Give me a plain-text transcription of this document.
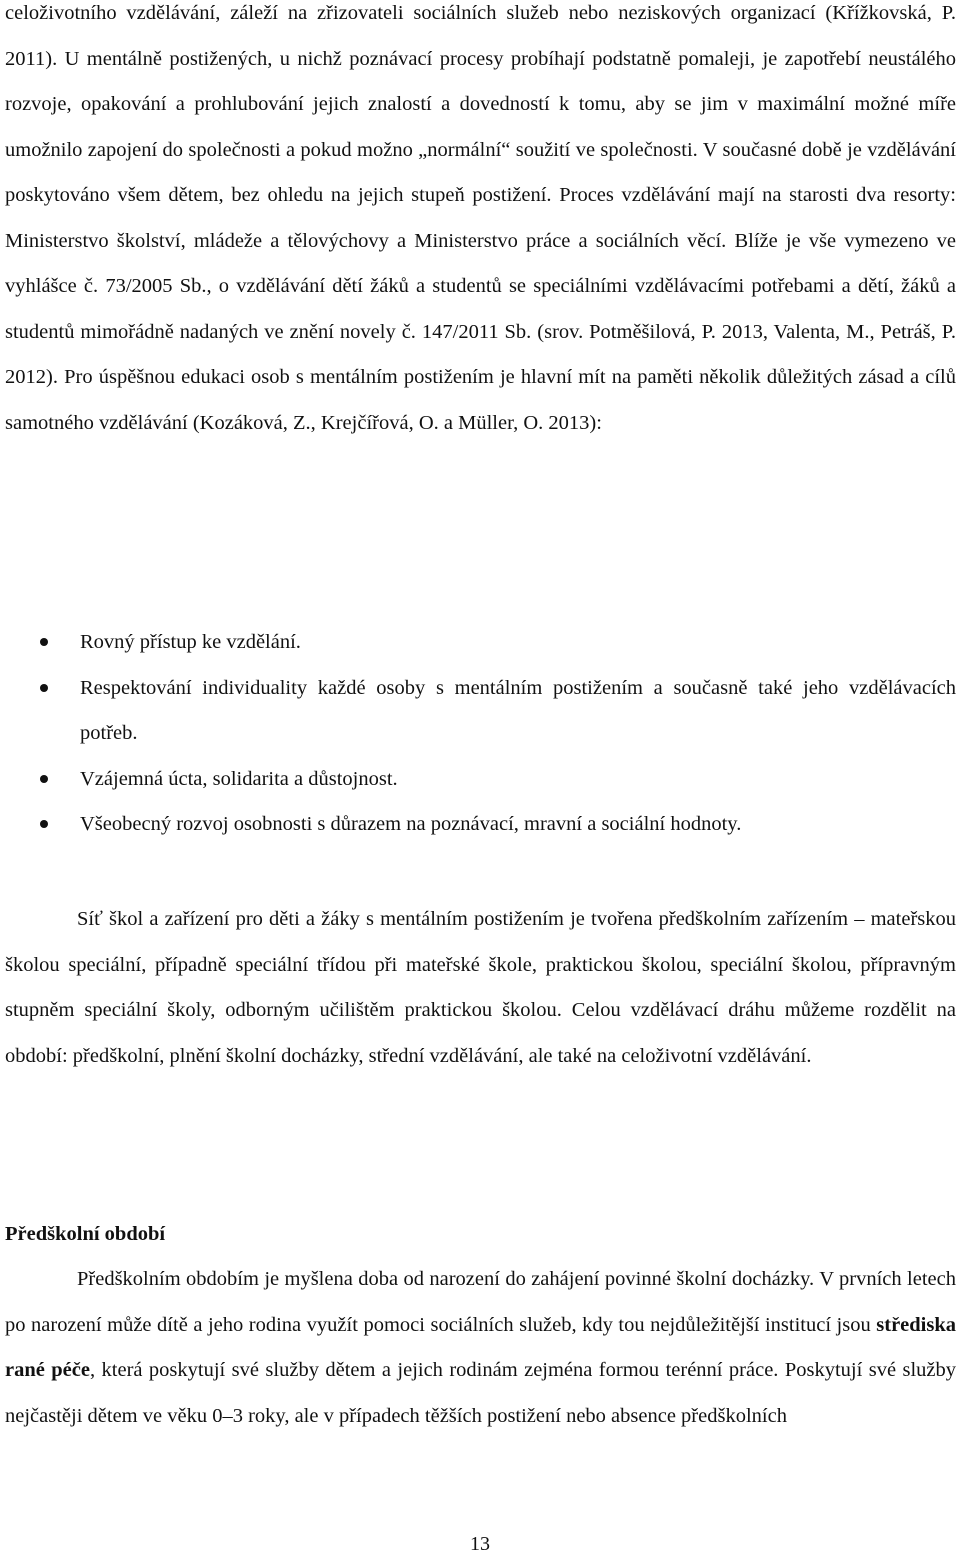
celoživotního vzdělávání, záleží na zřizovateli sociálních služeb nebo neziskových organizací (Křížkovská, P. 2011). U mentálně postižených, u nichž poznávací procesy probíhají podstatně pomaleji, je zapotřebí neustálého rozvoje, opakování a prohlubování jejich znalostí a dovedností k tomu, aby se jim v maximální možné míře umožnilo zapojení do společnosti a pokud možno „normální“ soužití ve společnosti. V současné době je vzdělávání poskytováno všem dětem, bez ohledu na jejich stupeň postižení. Proces vzdělávání mají na starosti dva resorty: Ministerstvo školství, mládeže a tělovýchovy a Ministerstvo práce a sociálních věcí. Blíže je vše vymezeno ve vyhlášce č. 73/2005 Sb., o vzdělávání dětí žáků a studentů se speciálními vzdělávacími potřebami a dětí, žáků a studentů mimořádně nadaných ve znění novely č. 147/2011 Sb. (srov. Potměšilová, P. 2013, Valenta, M., Petráš, P. 2012). Pro úspěšnou edukaci osob s mentálním postižením je hlavní mít na paměti několik důležitých zásad a cílů samotného vzdělávání (Kozáková, Z., Krejčířová, O. a Müller, O. 2013):

Rovný přístup ke vzdělání.
Respektování individuality každé osoby s mentálním postižením a současně také jeho vzdělávacích potřeb.
Vzájemná úcta, solidarita a důstojnost.
Všeobecný rozvoj osobnosti s důrazem na poznávací, mravní a sociální hodnoty.

Síť škol a zařízení pro děti a žáky s mentálním postižením je tvořena předškolním zařízením – mateřskou školou speciální, případně speciální třídou při mateřské škole, praktickou školou, speciální školou, přípravným stupněm speciální školy, odborným učilištěm praktickou školou. Celou vzdělávací dráhu můžeme rozdělit na období: předškolní, plnění školní docházky, střední vzdělávání, ale také na celoživotní vzdělávání.

Předškolní období

Předškolním obdobím je myšlena doba od narození do zahájení povinné školní docházky. V prvních letech po narození může dítě a jeho rodina využít pomoci sociálních služeb, kdy tou nejdůležitější institucí jsou střediska rané péče, která poskytují své služby dětem a jejich rodinám zejména formou terénní práce. Poskytují své služby nejčastěji dětem ve věku 0–3 roky, ale v případech těžších postižení nebo absence předškolních

13
